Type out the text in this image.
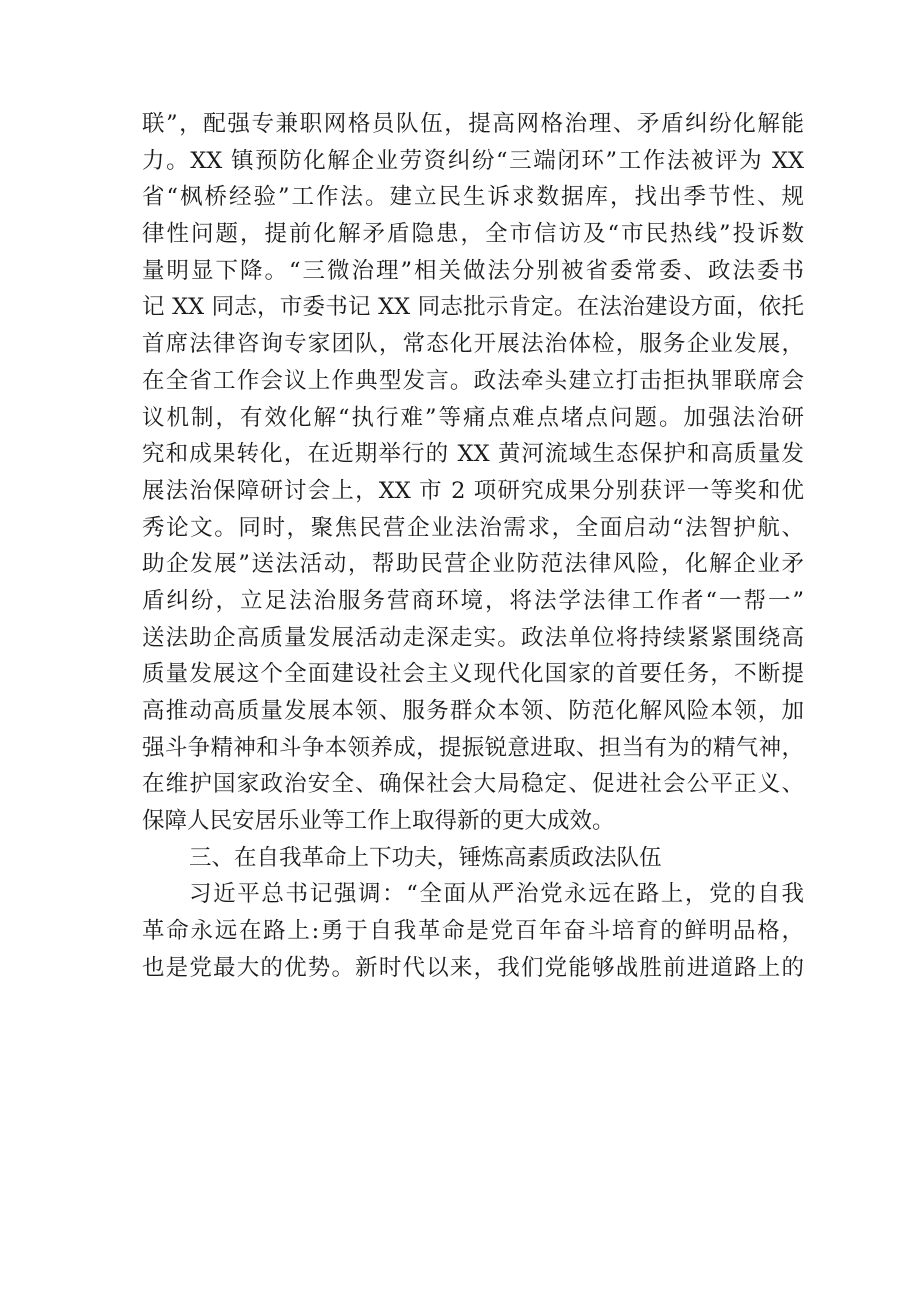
联”，配强专兼职网格员队伍，提高网格治理、矛盾纠纷化解能
力。XX 镇预防化解企业劳资纠纷“三端闭环”工作法被评为 XX
省“枫桥经验”工作法。建立民生诉求数据库，找出季节性、规
律性问题，提前化解矛盾隐患，全市信访及“市民热线”投诉数
量明显下降。“三微治理”相关做法分别被省委常委、政法委书
记 XX 同志，市委书记 XX 同志批示肯定。在法治建设方面，依托
首席法律咨询专家团队，常态化开展法治体检，服务企业发展，
在全省工作会议上作典型发言。政法牵头建立打击拒执罪联席会
议机制，有效化解“执行难”等痛点难点堵点问题。加强法治研
究和成果转化，在近期举行的 XX 黄河流域生态保护和高质量发
展法治保障研讨会上，XX 市 2 项研究成果分别获评一等奖和优
秀论文。同时，聚焦民营企业法治需求，全面启动“法智护航、
助企发展”送法活动，帮助民营企业防范法律风险，化解企业矛
盾纠纷，立足法治服务营商环境，将法学法律工作者“一帮一”
送法助企高质量发展活动走深走实。政法单位将持续紧紧围绕高
质量发展这个全面建设社会主义现代化国家的首要任务，不断提
高推动高质量发展本领、服务群众本领、防范化解风险本领，加
强斗争精神和斗争本领养成，提振锐意进取、担当有为的精气神，
在维护国家政治安全、确保社会大局稳定、促进社会公平正义、
保障人民安居乐业等工作上取得新的更大成效。
三、在自我革命上下功夫，锤炼高素质政法队伍
习近平总书记强调：“全面从严治党永远在路上，党的自我
革命永远在路上:勇于自我革命是党百年奋斗培育的鲜明品格，
也是党最大的优势。新时代以来，我们党能够战胜前进道路上的
